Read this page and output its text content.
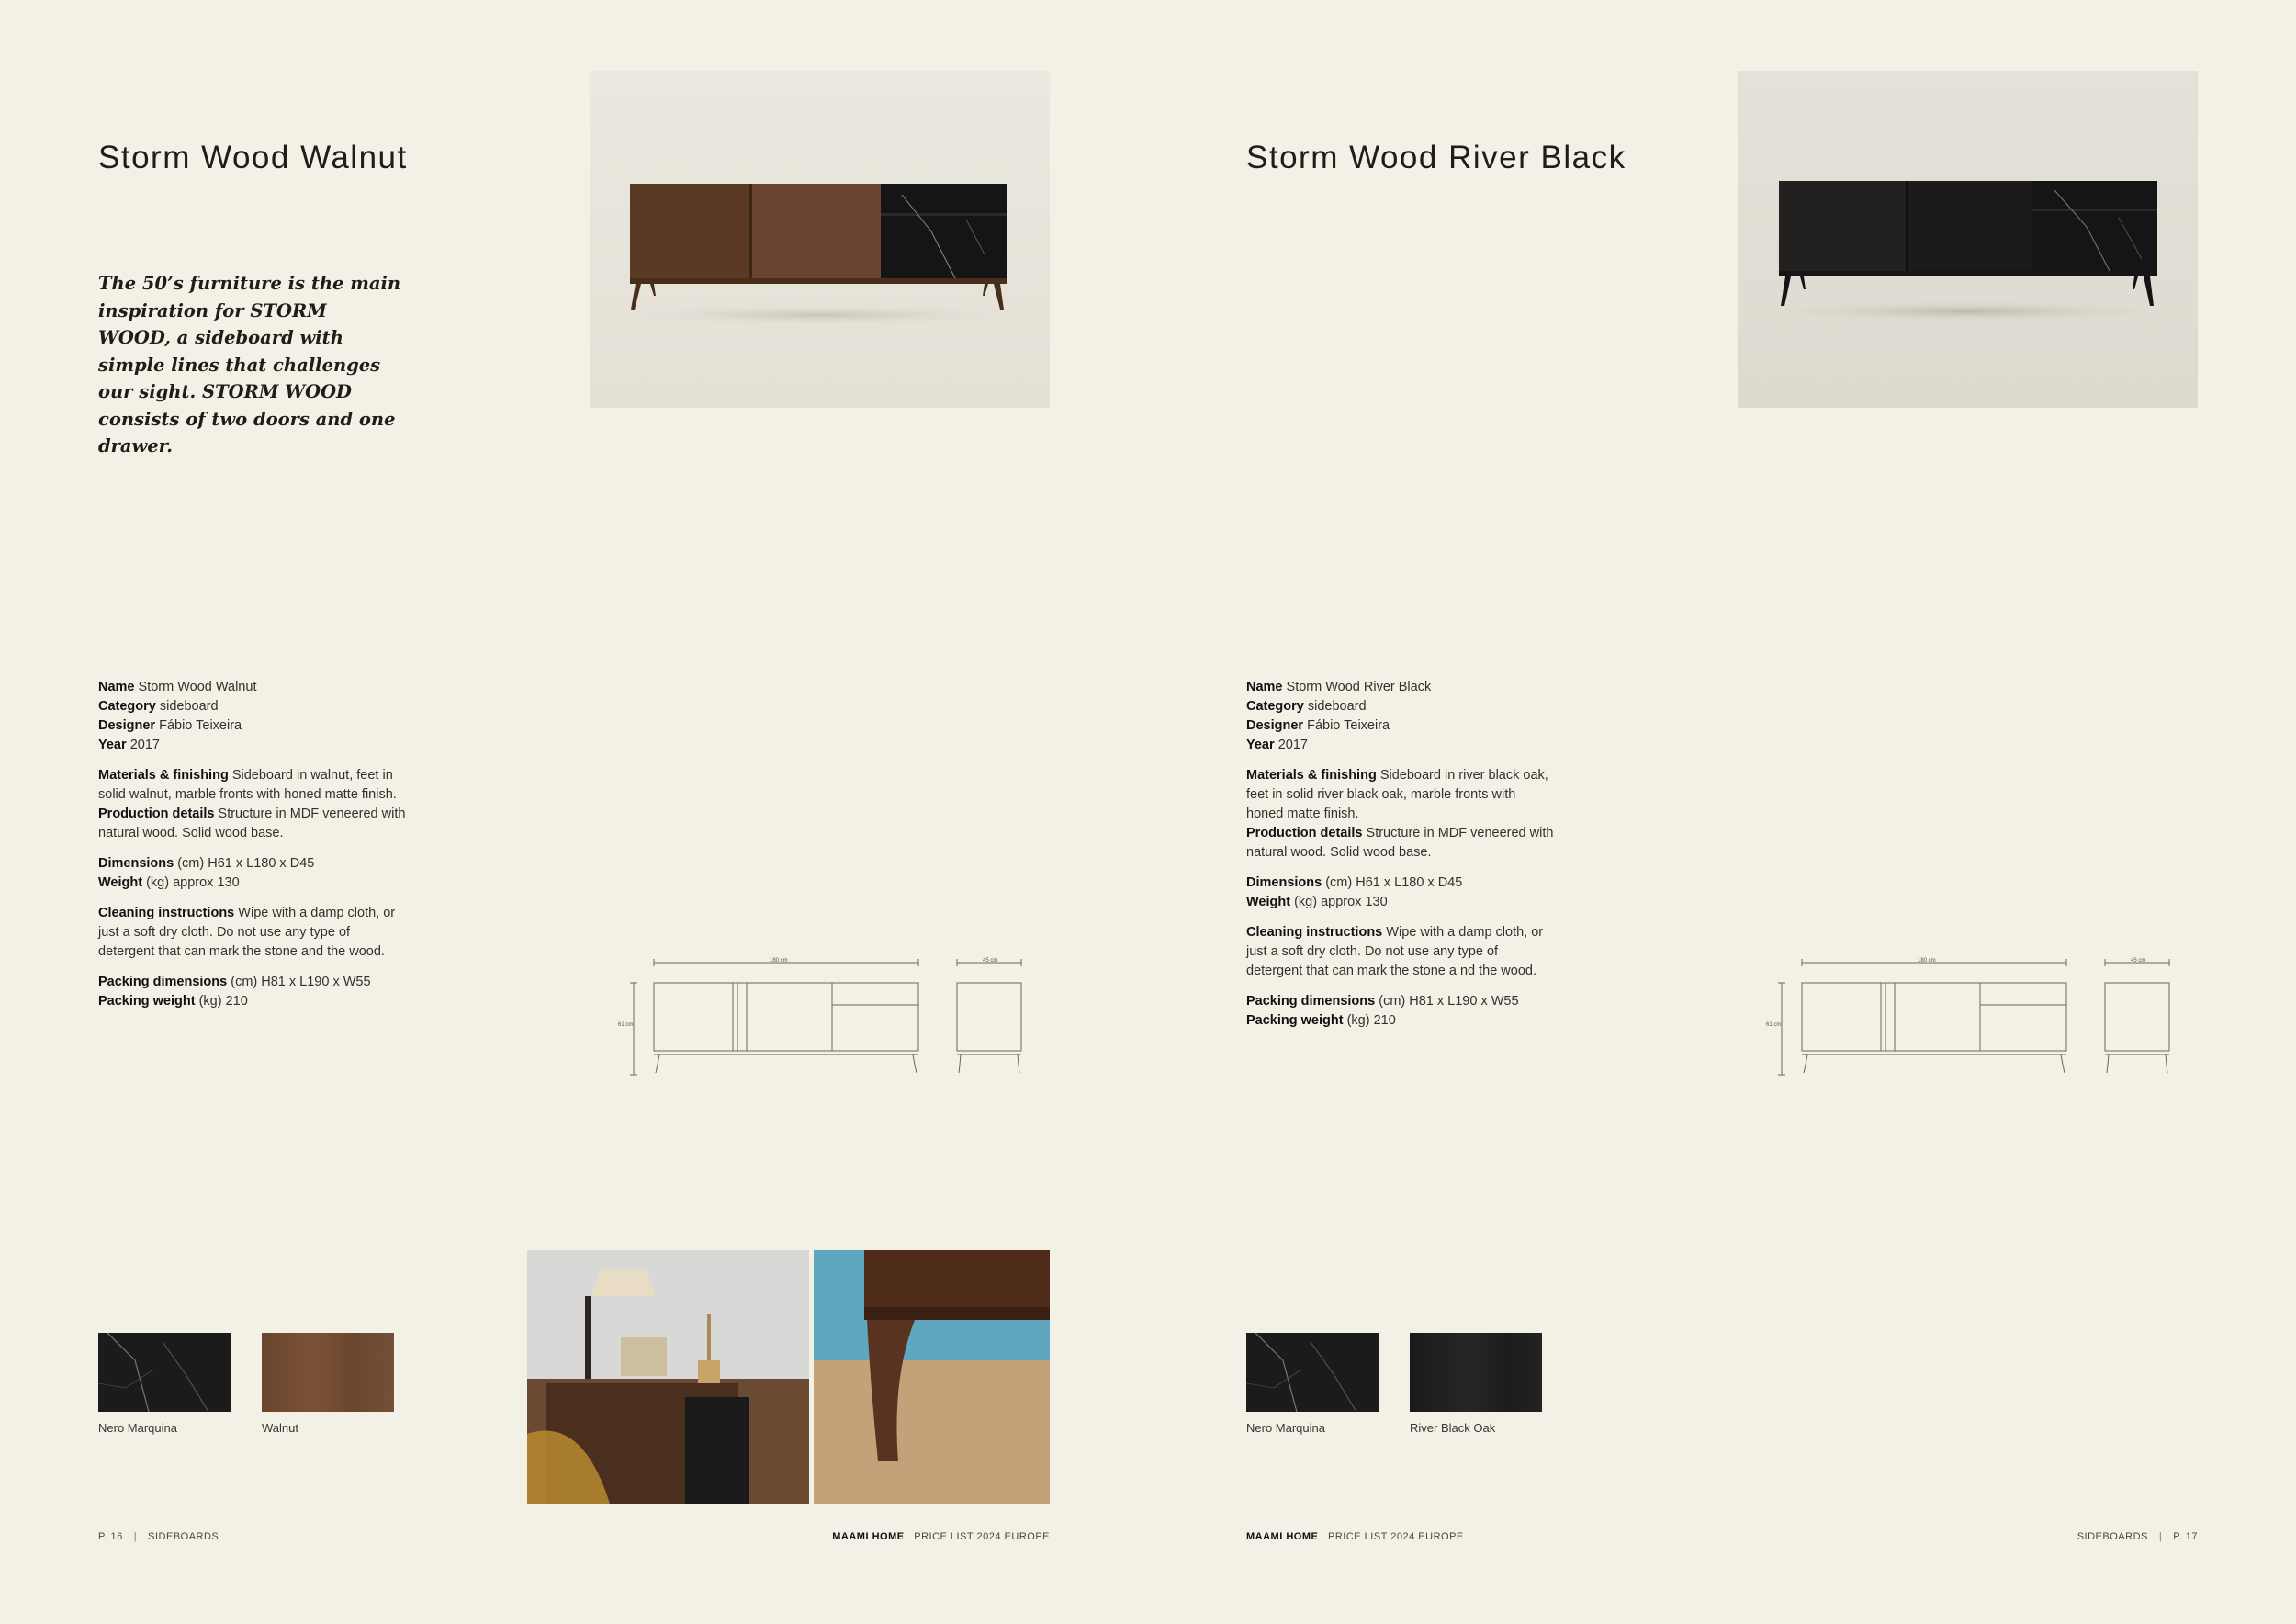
Storm Wood Walnut
The 50’s furniture is the main inspiration for STORM WOOD, a sideboard with simple lines that challenges our sight. STORM WOOD consists of two doors and one drawer.

Name Storm Wood Walnut
Category sideboard
Designer Fábio Teixeira
Year 2017

Materials & finishing Sideboard in walnut, feet in solid walnut, marble fronts with honed matte finish.
Production details Structure in MDF veneered with natural wood. Solid wood base.

Dimensions (cm) H61 x L180 x D45
Weight (kg) approx 130

Cleaning instructions Wipe with a damp cloth, or just a soft dry cloth. Do not use any type of detergent that can mark the stone and the wood.

Packing dimensions (cm) H81 x L190 x W55
Packing weight (kg) 210

180 cm	45 cm
61 cm
Nero Marquina	Walnut
P. 16 | SIDEBOARDS	MAAMI HOME PRICE LIST 2024 EUROPE
Storm Wood River Black

Name Storm Wood River Black
Category sideboard
Designer Fábio Teixeira
Year 2017

Materials & finishing Sideboard in river black oak, feet in solid river black oak, marble fronts with honed matte finish.
Production details Structure in MDF veneered with natural wood. Solid wood base.

Dimensions (cm) H61 x L180 x D45
Weight (kg) approx 130

Cleaning instructions Wipe with a damp cloth, or just a soft dry cloth. Do not use any type of detergent that can mark the stone a nd the wood.

Packing dimensions (cm) H81 x L190 x W55
Packing weight (kg) 210

180 cm	45 cm
61 cm
Nero Marquina	River Black Oak
MAAMI HOME PRICE LIST 2024 EUROPE	SIDEBOARDS | P. 17
